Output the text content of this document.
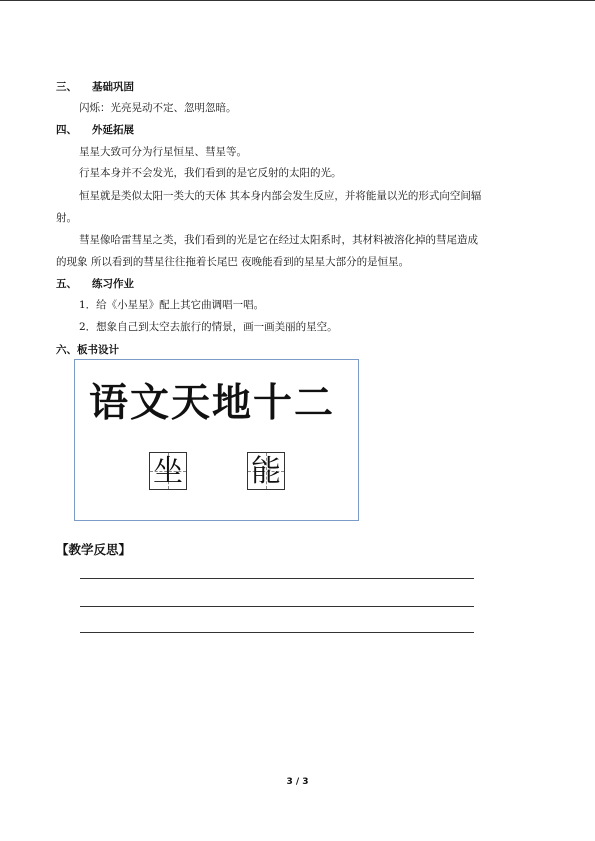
三、 基础巩固
闪烁：光亮晃动不定、忽明忽暗。
四、 外延拓展
星星大致可分为行星恒星、彗星等。
行星本身并不会发光，我们看到的是它反射的太阳的光。
恒星就是类似太阳一类大的天体 其本身内部会发生反应，并将能量以光的形式向空间辐
射。
彗星像哈雷彗星之类，我们看到的光是它在经过太阳系时，其材料被溶化掉的彗尾造成
的现象 所以看到的彗星往往拖着长尾巴 夜晚能看到的星星大部分的是恒星。
五、 练习作业
1．给《小星星》配上其它曲调唱一唱。
2．想象自己到太空去旅行的情景，画一画美丽的星空。
六、板书设计
语文天地十二
坐 能
【教学反思】
3 / 3
